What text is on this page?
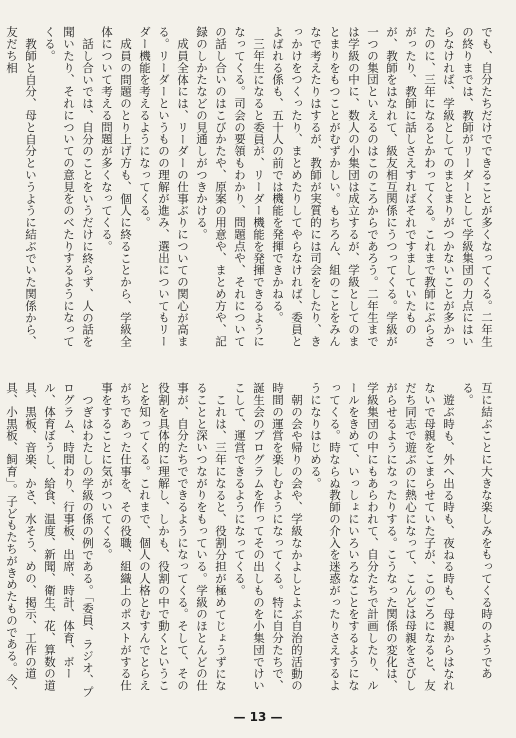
でも、自分たちだけでできることが多くなってくる。二年生の終りまでは、教師がリーダーとして学級集団の力点にはいらなければ、学級としてのまとまりがつかないことが多かったのに、三年になるとかわってくる。これまで教師にぶらさがったり、教師に話しさえすればそれですましていたものが、教師をはなれて、級友相互関係にうつってくる。学級が一つの集団といえるのはこのころからであろう。二年生までは学級の中に、数人の小集団は成立するが、学級としてのまとまりをもつことがむずかしい。もちろん、組のことをみんなで考えたりはするが、教師が実質的には司会をしたり、きっかけをつくったり、まとめたりしてやらなければ、委員とよばれる係も、五十人の前では機能を発揮できかねる。

三年生になると委員が、リーダー機能を発揮できるようになってくる。司会の要領もわかり、問題点や、それについての話し合いのはこびかたや、原案の用意や、まとめ方や、記録のしかたなどの見通しがつきかける。

成員全体には、リーダーの仕事ぶりについての関心が高まる。リーダーというものの理解が進み、選出についてもリーダー機能を考えるようになってくる。

成員の問題のとり上げ方も、個人に終ることから、学級全体について考える問題が多くなってくる。

話し合いでは、自分のことをいうだけに終らず、人の話を聞いたり、それについての意見をのべたりするようになってくる。

教師と自分、母と自分というように結ぶでいた関係から、友だち相

互に結ぶことに大きな楽しみをもってくる時のようである。

遊ぶ時も、外へ出る時も、夜ねる時も、母親からはなれないで母親をこまらせていた子が、このごろになると、友だち同志で遊ぶのに熱心になって、こんどは母親をさびしがらせるようになったりする。こうなった関係の変化は、学級集団の中にもあらわれて、自分たちで計画したり、ルールをきめて、いっしょにいろいろなことをするようになってくる。時ならぬ教師の介入を迷惑がったりさえするようになりはじめる。

朝の会や帰りの会や、学級なかよしとよぶ自治的活動の時間の運営を楽しむようになってくる。特に自分たちで、誕生会のプログラムを作ってその出しものを小集団でけいこして、運営できるようになってくる。

これは、三年になると、役割分担が極めてじょうずになることと深いつながりをもっている。学級のほとんどの仕事が、自分たちでできるようになってくる。そして、その役割を具体的に理解し、しかも、役割の中で動くということを知ってくる。これまで、個人の人格とむすんでとらえがちであった仕事を、その役職、組織上のポストがする仕事をすることに気がついてくる。

つぎはわたしの学級の係の例である。「委員、ラジオ、プログラム、時間わり、行事板、出席、時計、体育、ボール、体育ぼうし、給食、温度、新聞、衛生、花、算数の道具、黒板、音楽、かさ、水そう、めの、掲示、工作の道具、小黒板、飼育」。子どもたちがきめたものである。今、

— 13 —
